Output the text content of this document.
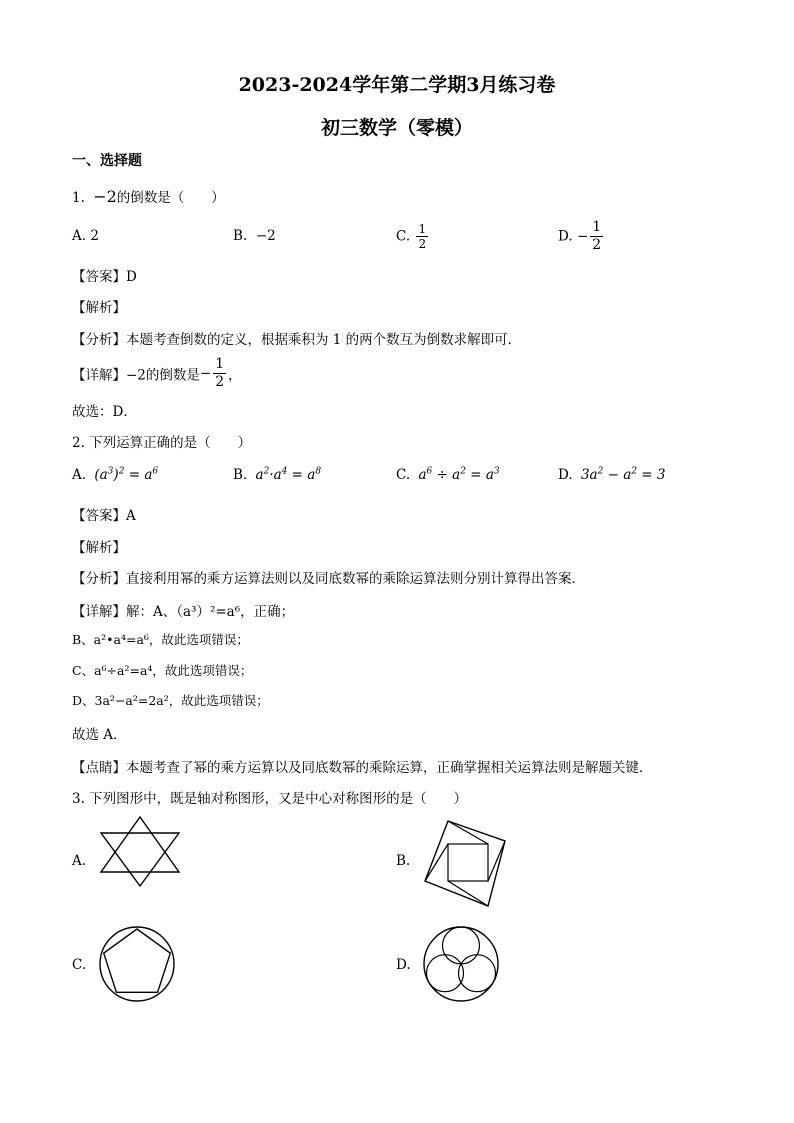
2023-2024学年第二学期3月练习卷
初三数学（零模）
一、选择题
1. −2的倒数是（　　）
A. 2	B. −2	C. $\frac{1}{2}$	D. − $\frac{1}{2}$
【答案】D
【解析】
【分析】本题考查倒数的定义，根据乘积为 1 的两个数互为倒数求解即可．
【详解】−2的倒数是− $\frac{1}{2}$ ，
故选：D．
2. 下列运算正确的是（　　）
A. $(a^3)^2 = a^6$	B. $a^2\cdot a^4 = a^8$	C. $a^6 \div a^2 = a^3$	D. $3a^2 - a^2 = 3$
【答案】A
【解析】
【分析】直接利用幂的乘方运算法则以及同底数幂的乘除运算法则分别计算得出答案．
【详解】解：A、（a³）²=a⁶，正确；
B、a²•a⁴=a⁶，故此选项错误；
C、a⁶÷a²=a⁴，故此选项错误；
D、3a²−a²=2a²，故此选项错误；
故选 A．
【点睛】本题考查了幂的乘方运算以及同底数幂的乘除运算，正确掌握相关运算法则是解题关键．
3. 下列图形中，既是轴对称图形，又是中心对称图形的是（　　）
A.	B.
C.	D.
